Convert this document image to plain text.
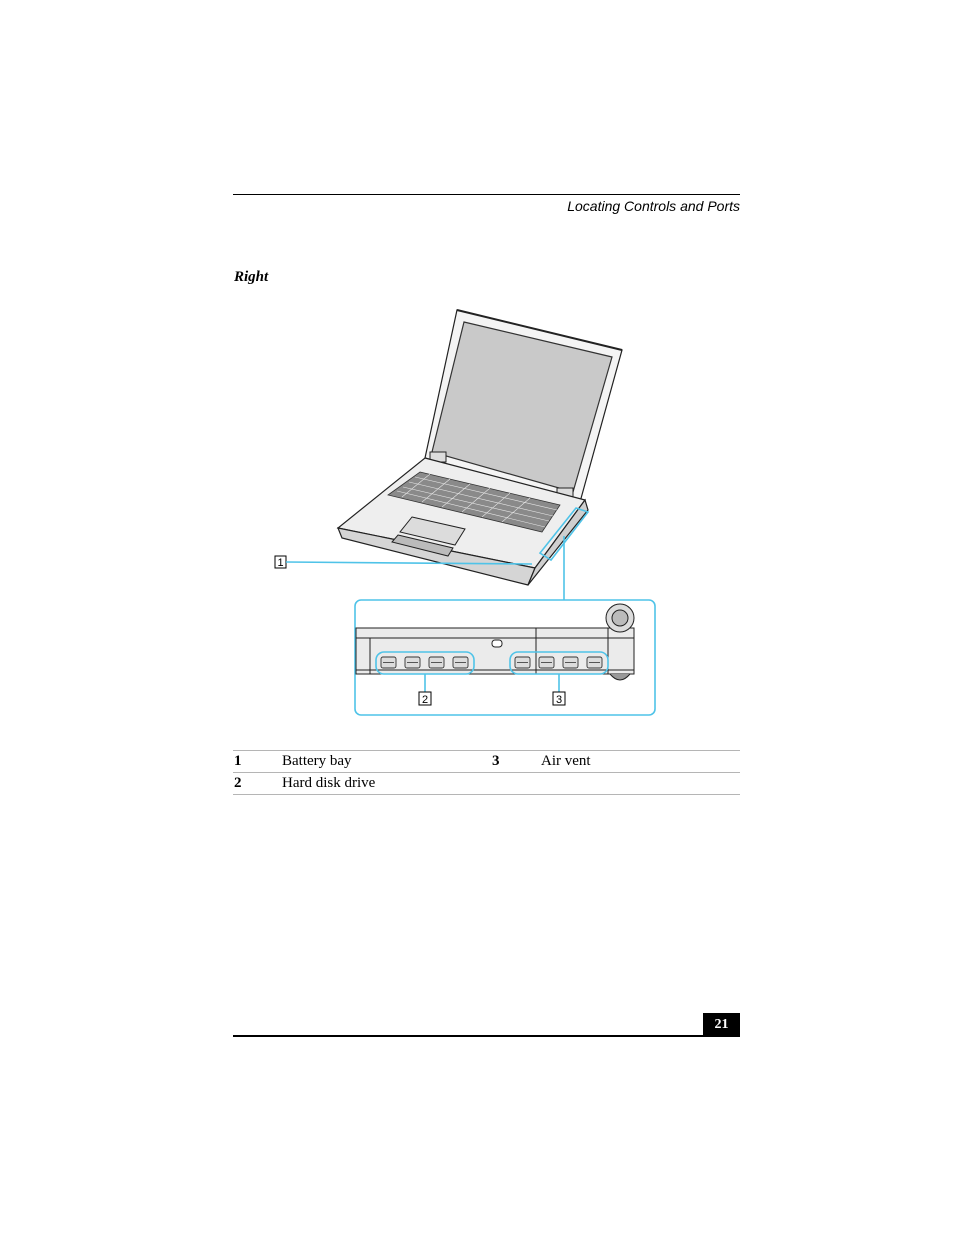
Locating Controls and Ports
Right
1
2	3
1	Battery bay	3	Air vent
2	Hard disk drive		
21
